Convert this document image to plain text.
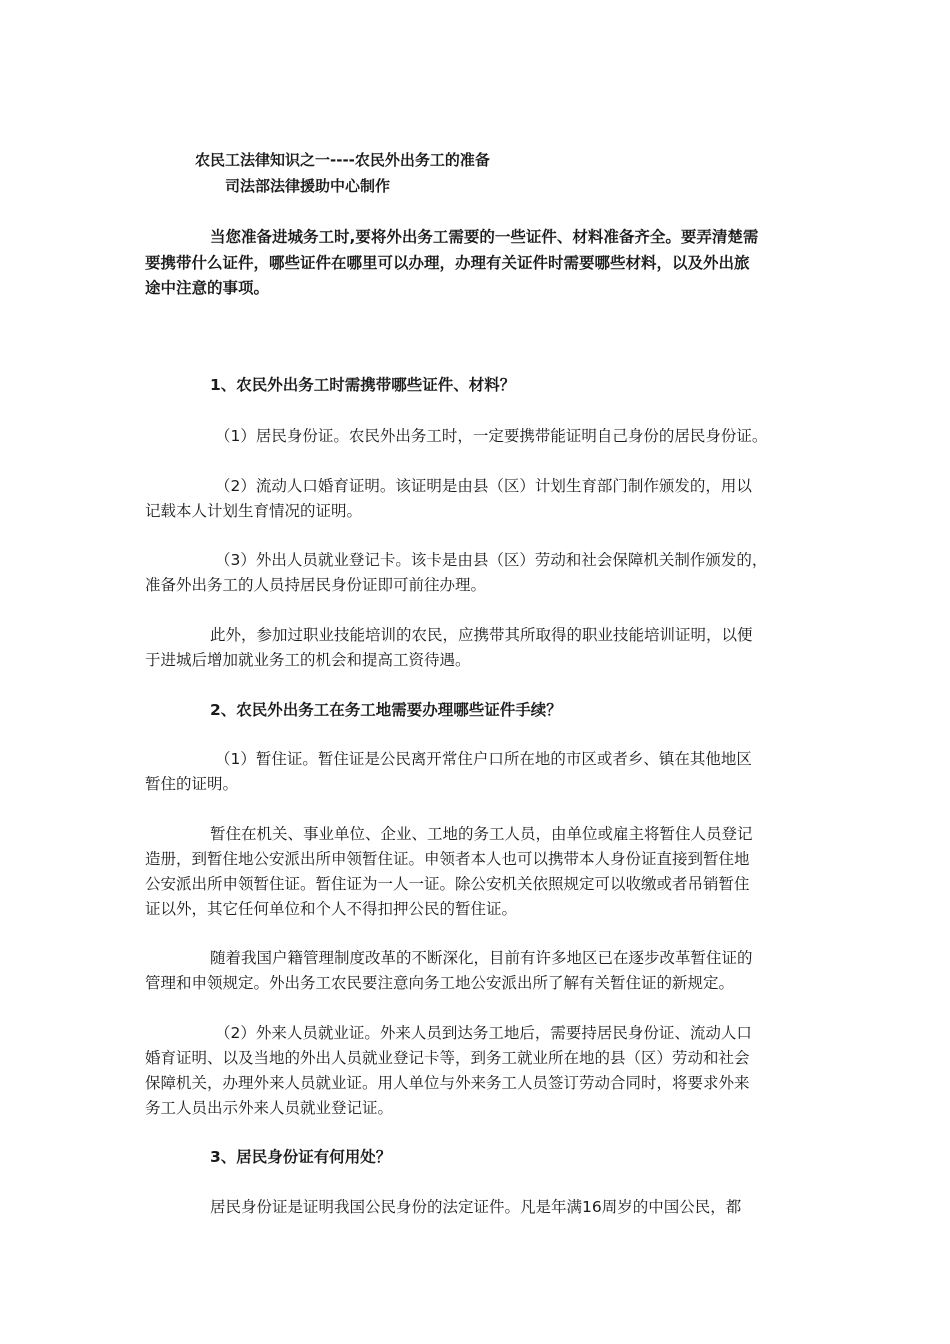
农民工法律知识之一----农民外出务工的准备
司法部法律援助中心制作
当您准备进城务工时,要将外出务工需要的一些证件、材料准备齐全。要弄清楚需
要携带什么证件，哪些证件在哪里可以办理，办理有关证件时需要哪些材料，以及外出旅
途中注意的事项。
1、农民外出务工时需携带哪些证件、材料？
（1）居民身份证。农民外出务工时，一定要携带能证明自己身份的居民身份证。
（2）流动人口婚育证明。该证明是由县（区）计划生育部门制作颁发的，用以
记载本人计划生育情况的证明。
（3）外出人员就业登记卡。该卡是由县（区）劳动和社会保障机关制作颁发的，
准备外出务工的人员持居民身份证即可前往办理。
此外，参加过职业技能培训的农民，应携带其所取得的职业技能培训证明，以便
于进城后增加就业务工的机会和提高工资待遇。
2、农民外出务工在务工地需要办理哪些证件手续？
（1）暂住证。暂住证是公民离开常住户口所在地的市区或者乡、镇在其他地区
暂住的证明。
暂住在机关、事业单位、企业、工地的务工人员，由单位或雇主将暂住人员登记
造册，到暂住地公安派出所申领暂住证。申领者本人也可以携带本人身份证直接到暂住地
公安派出所申领暂住证。暂住证为一人一证。除公安机关依照规定可以收缴或者吊销暂住
证以外，其它任何单位和个人不得扣押公民的暂住证。
随着我国户籍管理制度改革的不断深化，目前有许多地区已在逐步改革暂住证的
管理和申领规定。外出务工农民要注意向务工地公安派出所了解有关暂住证的新规定。
（2）外来人员就业证。外来人员到达务工地后，需要持居民身份证、流动人口
婚育证明、以及当地的外出人员就业登记卡等，到务工就业所在地的县（区）劳动和社会
保障机关，办理外来人员就业证。用人单位与外来务工人员签订劳动合同时，将要求外来
务工人员出示外来人员就业登记证。
3、居民身份证有何用处？
居民身份证是证明我国公民身份的法定证件。凡是年满16周岁的中国公民，都
